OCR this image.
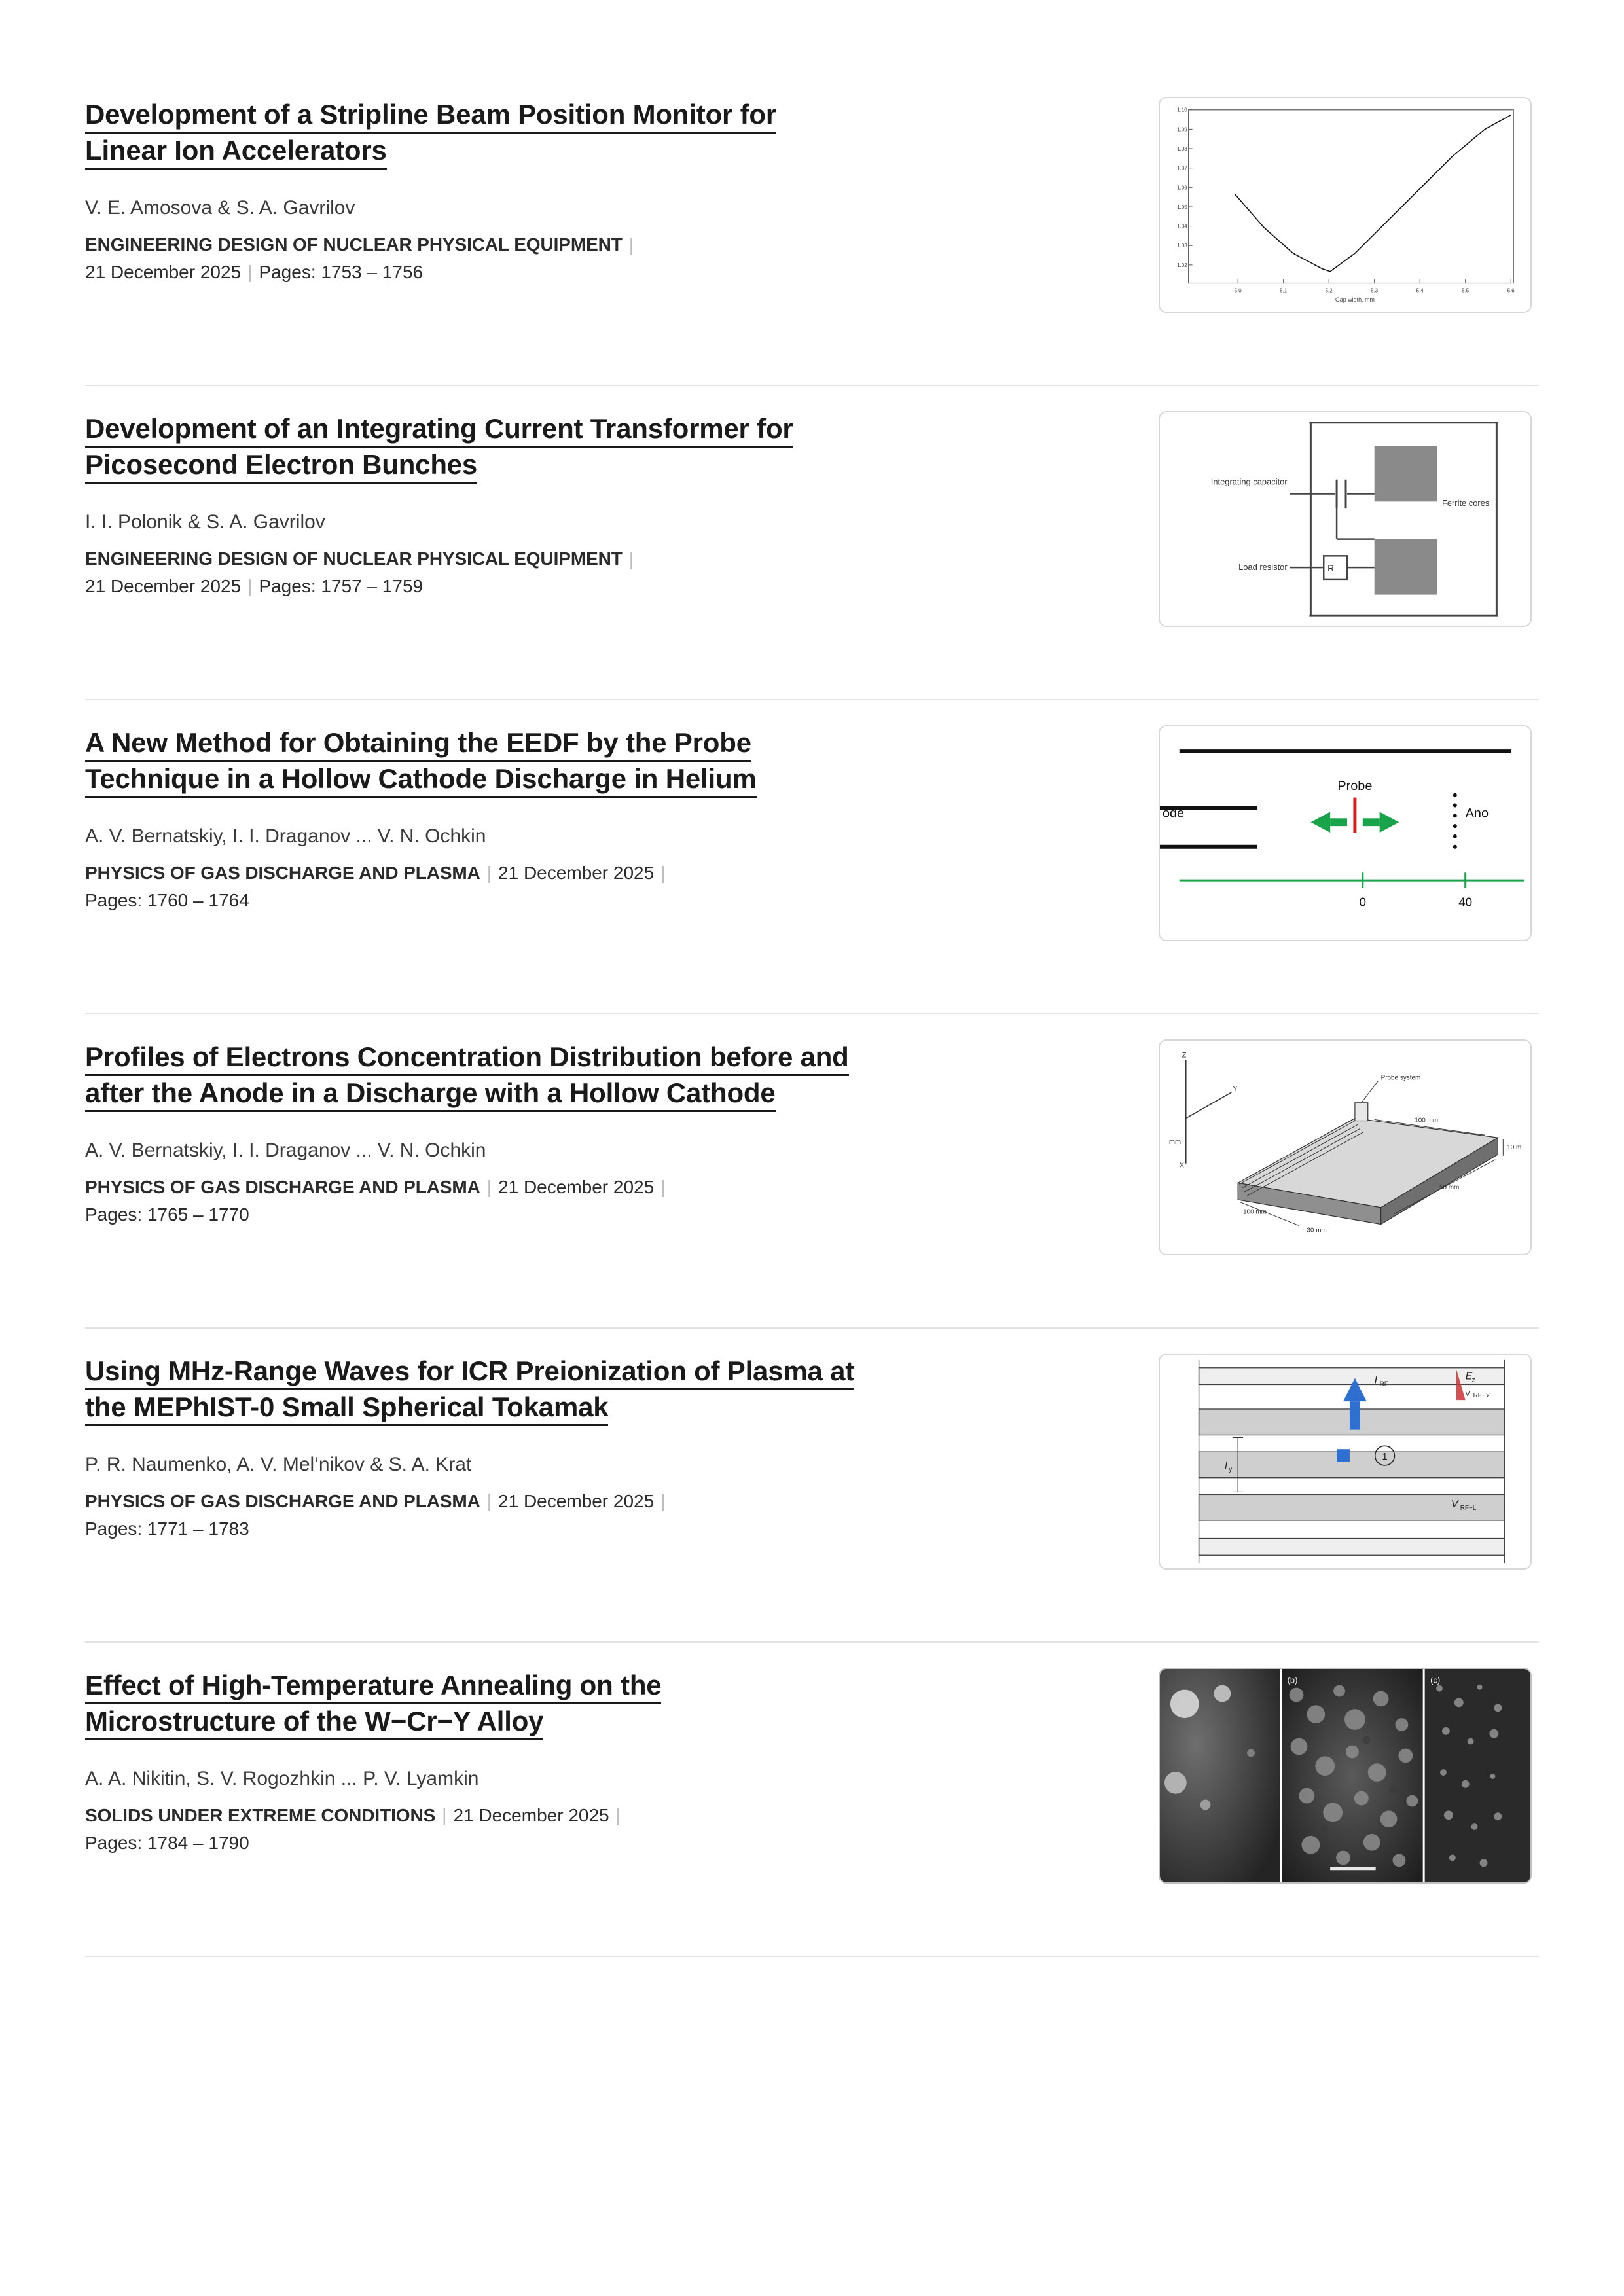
Development of a Stripline Beam Position Monitor for
Linear Ion Accelerators
V. E. Amosova & S. A. Gavrilov
ENGINEERING DESIGN OF NUCLEAR PHYSICAL EQUIPMENT |
21 December 2025 | Pages: 1753 – 1756
1.10
1.09
1.08
1.07
1.06
1.05
1.04
1.03
1.02
5.0	5.1	5.2	5.3	5.4	5.5	5.6
Gap width, mm
Development of an Integrating Current Transformer for
Picosecond Electron Bunches
I. I. Polonik & S. A. Gavrilov
ENGINEERING DESIGN OF NUCLEAR PHYSICAL EQUIPMENT |
21 December 2025 | Pages: 1757 – 1759
Integrating capacitor
Load resistor
Ferrite cores
R
A New Method for Obtaining the EEDF by the Probe
Technique in a Hollow Cathode Discharge in Helium
A. V. Bernatskiy, I. I. Draganov ... V. N. Ochkin
PHYSICS OF GAS DISCHARGE AND PLASMA | 21 December 2025 |
Pages: 1760 – 1764
Probe
ode	Ano
0	40
Profiles of Electrons Concentration Distribution before and
after the Anode in a Discharge with a Hollow Cathode
A. V. Bernatskiy, I. I. Draganov ... V. N. Ochkin
PHYSICS OF GAS DISCHARGE AND PLASMA | 21 December 2025 |
Pages: 1765 – 1770
Z
Y
X
mm
Probe system
100 mm
100 mm
50 mm
30 mm
10 m
Using MHz-Range Waves for ICR Preionization of Plasma at
the MEPhIST-0 Small Spherical Tokamak
P. R. Naumenko, A. V. Mel’nikov & S. A. Krat
PHYSICS OF GAS DISCHARGE AND PLASMA | 21 December 2025 |
Pages: 1771 – 1783
1
I	E
l
V
RF
z
y
RF−L
V RF−У
Effect of High-Temperature Annealing on the
Microstructure of the W−Cr−Y Alloy
A. A. Nikitin, S. V. Rogozhkin ... P. V. Lyamkin
SOLIDS UNDER EXTREME CONDITIONS | 21 December 2025 |
Pages: 1784 – 1790
(b)	(c)
